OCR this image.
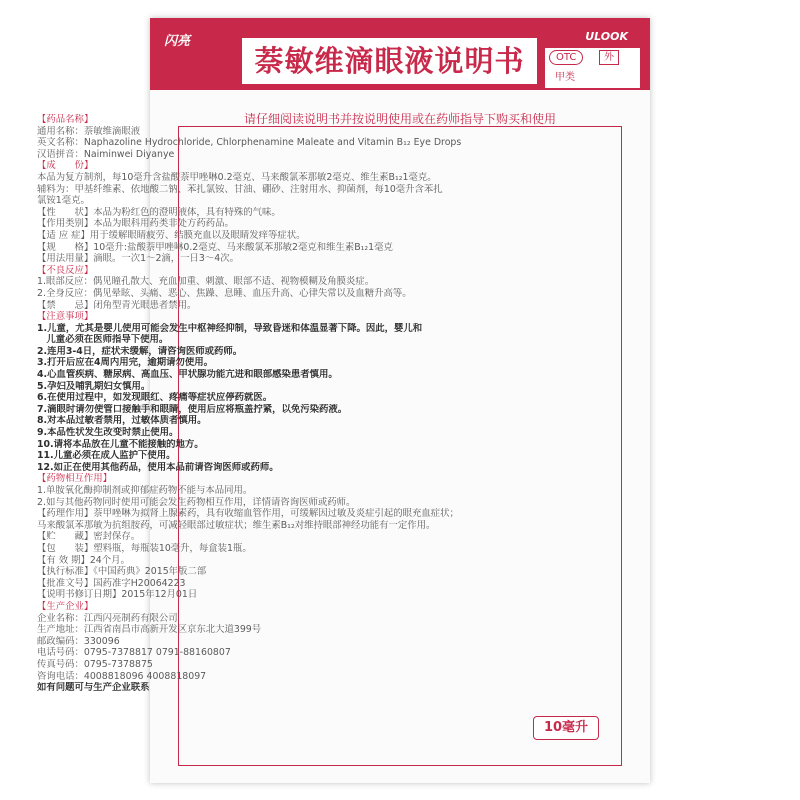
闪亮	ULOOK
萘敏维滴眼液说明书	OTC	外
甲类
请仔细阅读说明书并按说明使用或在药师指导下购买和使用
【药品名称】
通用名称：萘敏维滴眼液
英文名称：Naphazoline Hydrochloride, Chlorphenamine Maleate and Vitamin B₁₂ Eye Drops
汉语拼音：Naiminwei Diyanye
【成　　份】
本品为复方制剂，每10毫升含盐酸萘甲唑啉0.2毫克、马来酸氯苯那敏2毫克、维生素B₁₂1毫克。
辅料为：甲基纤维素、依地酸二钠、苯扎氯铵、甘油、硼砂、注射用水、抑菌剂，每10毫升含苯扎
氯铵1毫克。
【性　　状】本品为粉红色的澄明液体，具有特殊的气味。
【作用类别】本品为眼科用药类非处方药药品。
【适 应 症】用于缓解眼睛疲劳、结膜充血以及眼睛发痒等症状。
【规　　格】10毫升:盐酸萘甲唑啉0.2毫克、马来酸氯苯那敏2毫克和维生素B₁₂1毫克
【用法用量】滴眼。一次1～2滴，一日3～4次。
【不良反应】
1.眼部反应：偶见瞳孔散大、充血加重、刺激、眼部不适、视物模糊及角膜炎症。
2.全身反应：偶见晕眩、头痛、恶心、焦躁、息睡、血压升高、心律失常以及血糖升高等。
【禁　　忌】闭角型青光眼患者禁用。
【注意事项】
1.儿童，尤其是婴儿使用可能会发生中枢神经抑制，导致昏迷和体温显著下降。因此，婴儿和
　儿童必须在医师指导下使用。
2.连用3-4日，症状未缓解，请咨询医师或药师。
3.打开后应在4周内用完，逾期请勿使用。
4.心血管疾病、糖尿病、高血压、甲状腺功能亢进和眼部感染患者慎用。
5.孕妇及哺乳期妇女慎用。
6.在使用过程中，如发现眼红、疼痛等症状应停药就医。
7.滴眼时请勿使管口接触手和眼睛，使用后应将瓶盖拧紧，以免污染药液。
8.对本品过敏者禁用，过敏体质者慎用。
9.本品性状发生改变时禁止使用。
10.请将本品放在儿童不能接触的地方。
11.儿童必须在成人监护下使用。
12.如正在使用其他药品，使用本品前请咨询医师或药师。
【药物相互作用】
1.单胺氧化酶抑制剂或抑郁症药物不能与本品同用。
2.如与其他药物同时使用可能会发生药物相互作用，详情请咨询医师或药师。
【药理作用】萘甲唑啉为拟肾上腺素药，具有收缩血管作用，可缓解因过敏及炎症引起的眼充血症状；
马来酸氯苯那敏为抗组胺药，可减轻眼部过敏症状；维生素B₁₂对维持眼部神经功能有一定作用。
【贮　　藏】密封保存。
【包　　装】塑料瓶，每瓶装10毫升，每盒装1瓶。
【有 效 期】24个月。
【执行标准】《中国药典》2015年版二部
【批准文号】国药准字H20064223
【说明书修订日期】2015年12月01日
【生产企业】
企业名称：江西闪亮制药有限公司
生产地址：江西省南昌市高新开发区京东北大道399号
邮政编码：330096
电话号码：0795-7378817 0791-88160807
传真号码：0795-7378875
咨询电话：4008818096 4008818097
如有问题可与生产企业联系
10毫升
